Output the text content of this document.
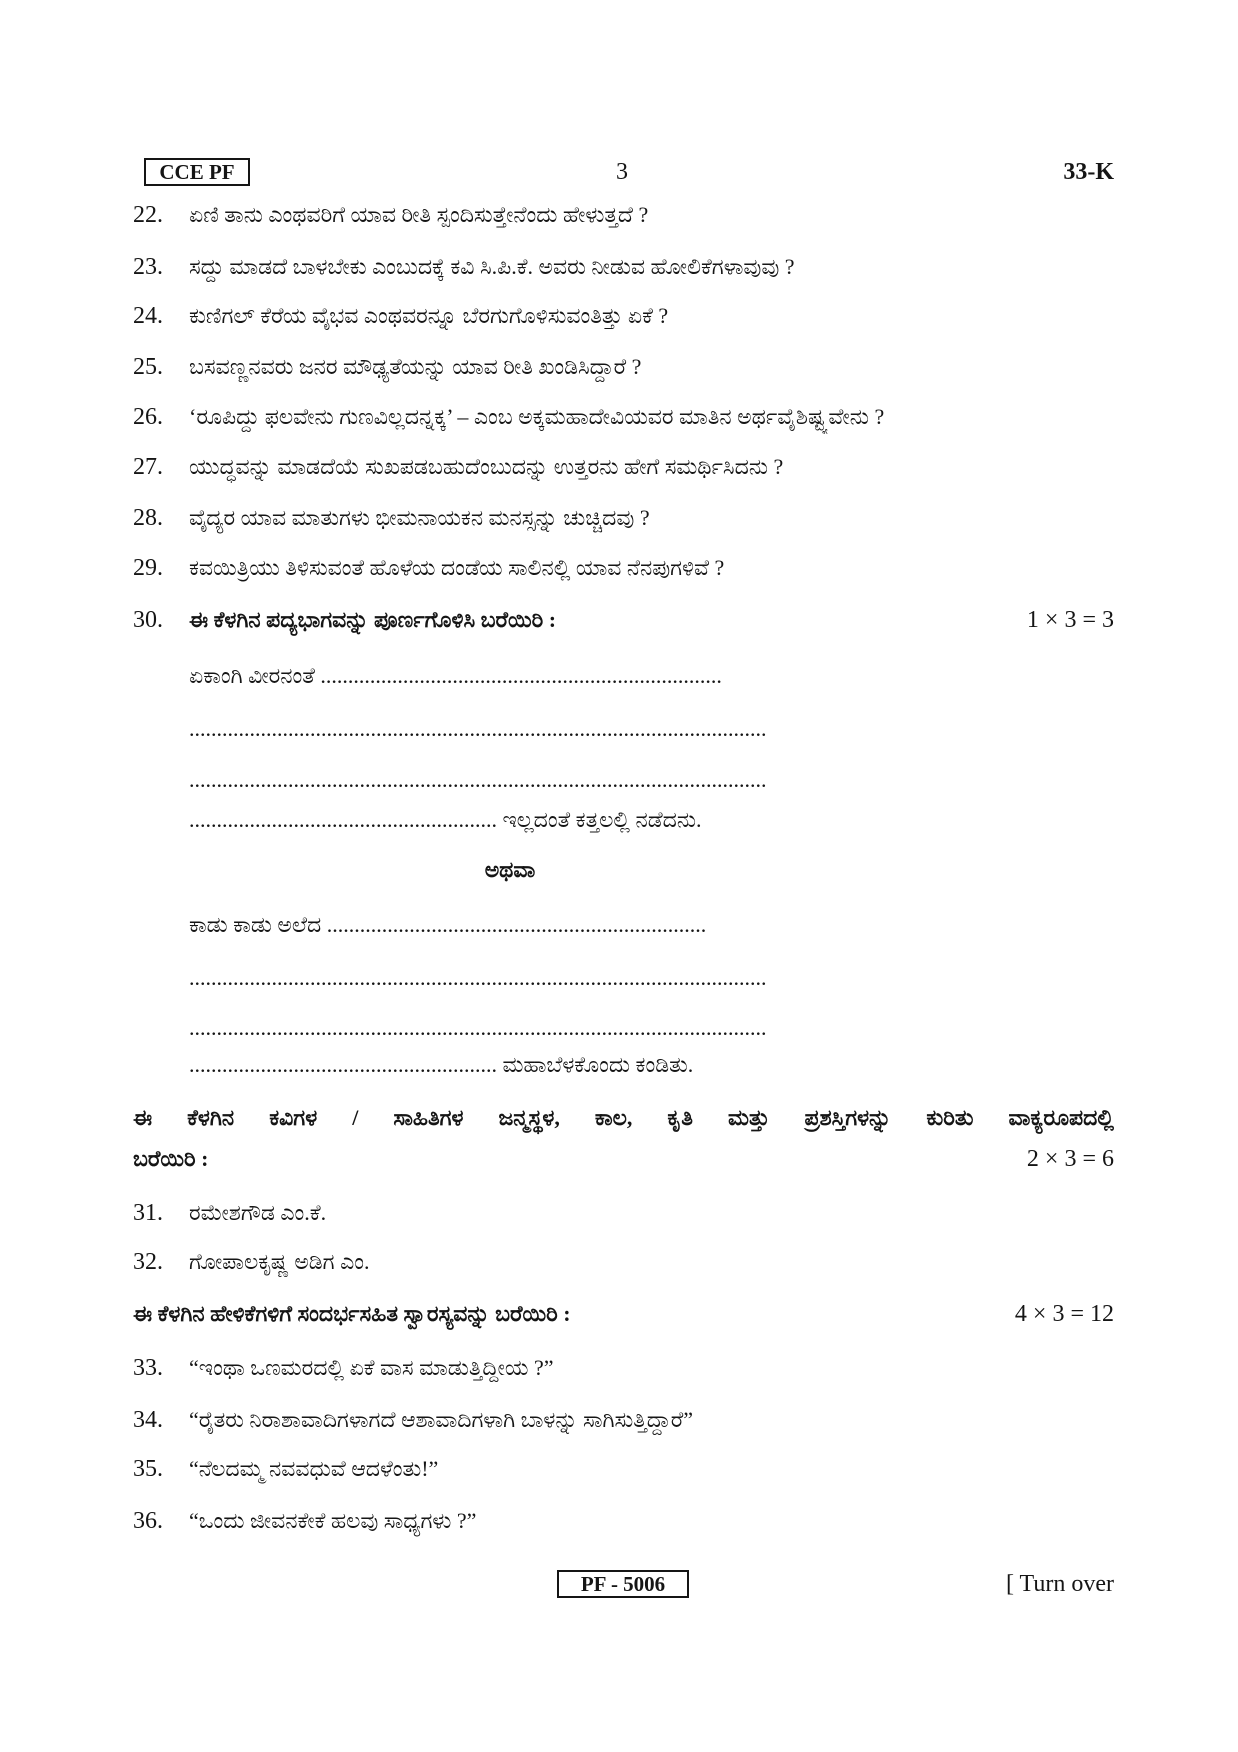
CCE PF	3	33-K
22.	ಏಣಿ ತಾನು ಎಂಥವರಿಗೆ ಯಾವ ರೀತಿ ಸ್ಪಂದಿಸುತ್ತೇನೆಂದು ಹೇಳುತ್ತದೆ ?
23.	ಸದ್ದು ಮಾಡದೆ ಬಾಳಬೇಕು ಎಂಬುದಕ್ಕೆ ಕವಿ ಸಿ.ಪಿ.ಕೆ. ಅವರು ನೀಡುವ ಹೋಲಿಕೆಗಳಾವುವು ?
24.	ಕುಣಿಗಲ್ ಕೆರೆಯ ವೈಭವ ಎಂಥವರನ್ನೂ ಬೆರಗುಗೊಳಿಸುವಂತಿತ್ತು ಏಕೆ ?
25.	ಬಸವಣ್ಣನವರು ಜನರ ಮೌಢ್ಯತೆಯನ್ನು ಯಾವ ರೀತಿ ಖಂಡಿಸಿದ್ದಾರೆ ?
26.	‘ರೂಪಿದ್ದು ಫಲವೇನು ಗುಣವಿಲ್ಲದನ್ನಕ್ಕ’ – ಎಂಬ ಅಕ್ಕಮಹಾದೇವಿಯವರ ಮಾತಿನ ಅರ್ಥವೈಶಿಷ್ಟ್ಯವೇನು ?
27.	ಯುದ್ಧವನ್ನು ಮಾಡದೆಯೆ ಸುಖಪಡಬಹುದೆಂಬುದನ್ನು ಉತ್ತರನು ಹೇಗೆ ಸಮರ್ಥಿಸಿದನು ?
28.	ವೈದ್ಯರ ಯಾವ ಮಾತುಗಳು ಭೀಮನಾಯಕನ ಮನಸ್ಸನ್ನು ಚುಚ್ಚಿದವು ?
29.	ಕವಯಿತ್ರಿಯು ತಿಳಿಸುವಂತೆ ಹೊಳೆಯ ದಂಡೆಯ ಸಾಲಿನಲ್ಲಿ ಯಾವ ನೆನಪುಗಳಿವೆ ?
30.	ಈ ಕೆಳಗಿನ ಪದ್ಯಭಾಗವನ್ನು ಪೂರ್ಣಗೊಳಿಸಿ ಬರೆಯಿರಿ :	1 × 3 = 3
ಏಕಾಂಗಿ ವೀರನಂತೆ .........................................................................
.........................................................................................................
.........................................................................................................
........................................................ ಇಲ್ಲದಂತೆ ಕತ್ತಲಲ್ಲಿ ನಡೆದನು.
ಅಥವಾ
ಕಾಡು ಕಾಡು ಅಲೆದ .....................................................................
.........................................................................................................
.........................................................................................................
........................................................ ಮಹಾಬೆಳಕೊಂದು ಕಂಡಿತು.
ಈ ಕೆಳಗಿನ ಕವಿಗಳ / ಸಾಹಿತಿಗಳ ಜನ್ಮಸ್ಥಳ, ಕಾಲ, ಕೃತಿ ಮತ್ತು ಪ್ರಶಸ್ತಿಗಳನ್ನು ಕುರಿತು ವಾಕ್ಯರೂಪದಲ್ಲಿ
ಬರೆಯಿರಿ :	2 × 3 = 6
31.	ರಮೇಶಗೌಡ ಎಂ.ಕೆ.
32.	ಗೋಪಾಲಕೃಷ್ಣ ಅಡಿಗ ಎಂ.
ಈ ಕೆಳಗಿನ ಹೇಳಿಕೆಗಳಿಗೆ ಸಂದರ್ಭಸಹಿತ ಸ್ವಾರಸ್ಯವನ್ನು ಬರೆಯಿರಿ :	4 × 3 = 12
33.	“ಇಂಥಾ ಒಣಮರದಲ್ಲಿ ಏಕೆ ವಾಸ ಮಾಡುತ್ತಿದ್ದೀಯ ?”
34.	“ರೈತರು ನಿರಾಶಾವಾದಿಗಳಾಗದೆ ಆಶಾವಾದಿಗಳಾಗಿ ಬಾಳನ್ನು ಸಾಗಿಸುತ್ತಿದ್ದಾರೆ”
35.	“ನೆಲದಮ್ಮ ನವವಧುವೆ ಆದಳೆಂತು!”
36.	“ಒಂದು ಜೀವನಕೇಕೆ ಹಲವು ಸಾಧ್ಯಗಳು ?”
PF - 5006	[ Turn over
